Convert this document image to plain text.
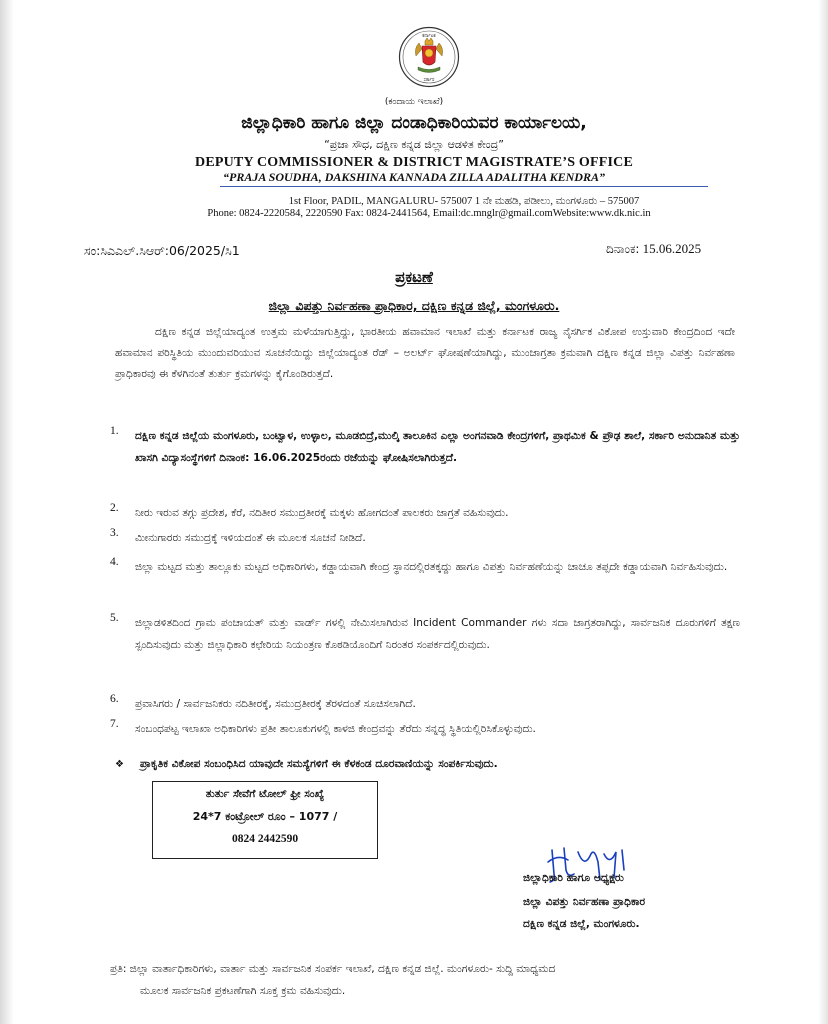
ಕರ್ನಾಟಕ
ಸರ್ಕಾರ
(ಕಂದಾಯ ಇಲಾಖೆ)
ಜಿಲ್ಲಾಧಿಕಾರಿ ಹಾಗೂ ಜಿಲ್ಲಾ ದಂಡಾಧಿಕಾರಿಯವರ ಕಾರ್ಯಾಲಯ,
“ಪ್ರಜಾ ಸೌಧ, ದಕ್ಷಿಣ ಕನ್ನಡ ಜಿಲ್ಲಾ ಆಡಳಿತ ಕೇಂದ್ರ”
DEPUTY COMMISSIONER & DISTRICT MAGISTRATE’S OFFICE
“PRAJA SOUDHA, DAKSHINA KANNADA ZILLA ADALITHA KENDRA”
1st Floor, PADIL, MANGALURU- 575007 1 ನೇ ಮಹಡಿ, ಪಡೀಲು, ಮಂಗಳೂರು – 575007
Phone: 0824-2220584, 2220590 Fax: 0824-2441564, Email:dc.mnglr@gmail.comWebsite:www.dk.nic.in
ಸಂ:ಸಿಎಎಲ್.ಸಿಆರ್:06/2025/ಸಿ1	ದಿನಾಂಕ: 15.06.2025
ಪ್ರಕಟಣೆ
ಜಿಲ್ಲಾ ವಿಪತ್ತು ನಿರ್ವಹಣಾ ಪ್ರಾಧಿಕಾರ, ದಕ್ಷಿಣ ಕನ್ನಡ ಜಿಲ್ಲೆ, ಮಂಗಳೂರು.
ದಕ್ಷಿಣ ಕನ್ನಡ ಜಿಲ್ಲೆಯಾದ್ಯಂತ ಉತ್ತಮ ಮಳೆಯಾಗುತ್ತಿದ್ದು, ಭಾರತೀಯ ಹವಾಮಾನ ಇಲಾಖೆ ಮತ್ತು ಕರ್ನಾಟಕ ರಾಜ್ಯ ನೈಸರ್ಗಿಕ ವಿಕೋಪ ಉಸ್ತುವಾರಿ ಕೇಂದ್ರದಿಂದ ಇದೇ ಹವಾಮಾನ ಪರಿಸ್ಥಿತಿಯ ಮುಂದುವರಿಯುವ ಸೂಚನೆಯಿದ್ದು ಜಿಲ್ಲೆಯಾದ್ಯಂತ ರೆಡ್ – ಅಲರ್ಟ್ ಘೋಷಣೆಯಾಗಿದ್ದು, ಮುಂಜಾಗ್ರತಾ ಕ್ರಮವಾಗಿ ದಕ್ಷಿಣ ಕನ್ನಡ ಜಿಲ್ಲಾ ವಿಪತ್ತು ನಿರ್ವಹಣಾ ಪ್ರಾಧಿಕಾರವು ಈ ಕೆಳಗಿನಂತೆ ತುರ್ತು ಕ್ರಮಗಳನ್ನು ಕೈಗೊಂಡಿರುತ್ತದೆ.
1. ದಕ್ಷಿಣ ಕನ್ನಡ ಜಿಲ್ಲೆಯ ಮಂಗಳೂರು, ಬಂಟ್ವಾಳ, ಉಳ್ಳಾಲ, ಮೂಡಬಿದ್ರೆ,ಮುಲ್ಕಿ ತಾಲೂಕಿನ ಎಲ್ಲಾ ಅಂಗನವಾಡಿ ಕೇಂದ್ರಗಳಿಗೆ, ಪ್ರಾಥಮಿಕ & ಪ್ರೌಢ ಶಾಲೆ, ಸರ್ಕಾರಿ ಅನುದಾನಿತ ಮತ್ತು ಖಾಸಗಿ ವಿದ್ಯಾಸಂಸ್ಥೆಗಳಿಗೆ ದಿನಾಂಕ: 16.06.2025ರಂದು ರಜೆಯನ್ನು ಘೋಷಿಸಲಾಗಿರುತ್ತದೆ.
2. ನೀರು ಇರುವ ತಗ್ಗು ಪ್ರದೇಶ, ಕೆರೆ, ನದಿತೀರ ಸಮುದ್ರತೀರಕ್ಕೆ ಮಕ್ಕಳು ಹೋಗದಂತೆ ಪಾಲಕರು ಜಾಗ್ರತೆ ವಹಿಸುವುದು.
3. ಮೀನುಗಾರರು ಸಮುದ್ರಕ್ಕೆ ಇಳಿಯದಂತೆ ಈ ಮೂಲಕ ಸೂಚನೆ ನೀಡಿದೆ.
4. ಜಿಲ್ಲಾ ಮಟ್ಟದ ಮತ್ತು ತಾಲ್ಲೂಕು ಮಟ್ಟದ ಅಧಿಕಾರಿಗಳು, ಕಡ್ಡಾಯವಾಗಿ ಕೇಂದ್ರ ಸ್ಥಾನದಲ್ಲಿರತಕ್ಕದ್ದು ಹಾಗೂ ವಿಪತ್ತು ನಿರ್ವಹಣೆಯನ್ನು ಚಾಚೂ ತಪ್ಪದೇ ಕಡ್ಡಾಯವಾಗಿ ನಿರ್ವಹಿಸುವುದು.
5. ಜಿಲ್ಲಾಡಳಿತದಿಂದ ಗ್ರಾಮ ಪಂಚಾಯತ್ ಮತ್ತು ವಾರ್ಡ್ ಗಳಲ್ಲಿ ನೇಮಿಸಲಾಗಿರುವ Incident Commander ಗಳು ಸದಾ ಜಾಗ್ರತರಾಗಿದ್ದು, ಸಾರ್ವಜನಿಕ ದೂರುಗಳಿಗೆ ತಕ್ಷಣ ಸ್ಪಂದಿಸುವುದು ಮತ್ತು ಜಿಲ್ಲಾಧಿಕಾರಿ ಕಛೇರಿಯ ನಿಯಂತ್ರಣ ಕೊಠಡಿಯೊಂದಿಗೆ ನಿರಂತರ ಸಂಪರ್ಕದಲ್ಲಿರುವುದು.
6. ಪ್ರವಾಸಿಗರು / ಸಾರ್ವಜನಿಕರು ನದಿತೀರಕ್ಕೆ, ಸಮುದ್ರತೀರಕ್ಕೆ ತೆರಳದಂತೆ ಸೂಚಿಸಲಾಗಿದೆ.
7. ಸಂಬಂಧಪಟ್ಟ ಇಲಾಖಾ ಅಧಿಕಾರಿಗಳು ಪ್ರತೀ ತಾಲೂಕುಗಳಲ್ಲಿ ಕಾಳಜಿ ಕೇಂದ್ರವನ್ನು ತೆರೆದು ಸನ್ನದ್ಧ ಸ್ಥಿತಿಯಲ್ಲಿರಿಸಿಕೊಳ್ಳುವುದು.
❖ ಪ್ರಾಕೃತಿಕ ವಿಕೋಪ ಸಂಬಂಧಿಸಿದ ಯಾವುದೇ ಸಮಸ್ಯೆಗಳಿಗೆ ಈ ಕೆಳಕಂಡ ದೂರವಾಣಿಯನ್ನು ಸಂಪರ್ಕಿಸುವುದು.
ತುರ್ತು ಸೇವೆಗೆ ಟೋಲ್ ಫ್ರೀ ಸಂಖ್ಯೆ
24*7 ಕಂಟ್ರೋಲ್ ರೂಂ – 1077 /
0824 2442590
ಜಿಲ್ಲಾಧಿಕಾರಿ ಹಾಗೂ ಅಧ್ಯಕ್ಷರು
ಜಿಲ್ಲಾ ವಿಪತ್ತು ನಿರ್ವಹಣಾ ಪ್ರಾಧಿಕಾರ
ದಕ್ಷಿಣ ಕನ್ನಡ ಜಿಲ್ಲೆ, ಮಂಗಳೂರು.
ಪ್ರತಿ: ಜಿಲ್ಲಾ ವಾರ್ತಾಧಿಕಾರಿಗಳು, ವಾರ್ತಾ ಮತ್ತು ಸಾರ್ವಜನಿಕ ಸಂಪರ್ಕ ಇಲಾಖೆ, ದಕ್ಷಿಣ ಕನ್ನಡ ಜಿಲ್ಲೆ. ಮಂಗಳೂರು- ಸುದ್ದಿ ಮಾಧ್ಯಮದ
ಮೂಲಕ ಸಾರ್ವಜನಿಕ ಪ್ರಕಟಣೆಗಾಗಿ ಸೂಕ್ತ ಕ್ರಮ ವಹಿಸುವುದು.
